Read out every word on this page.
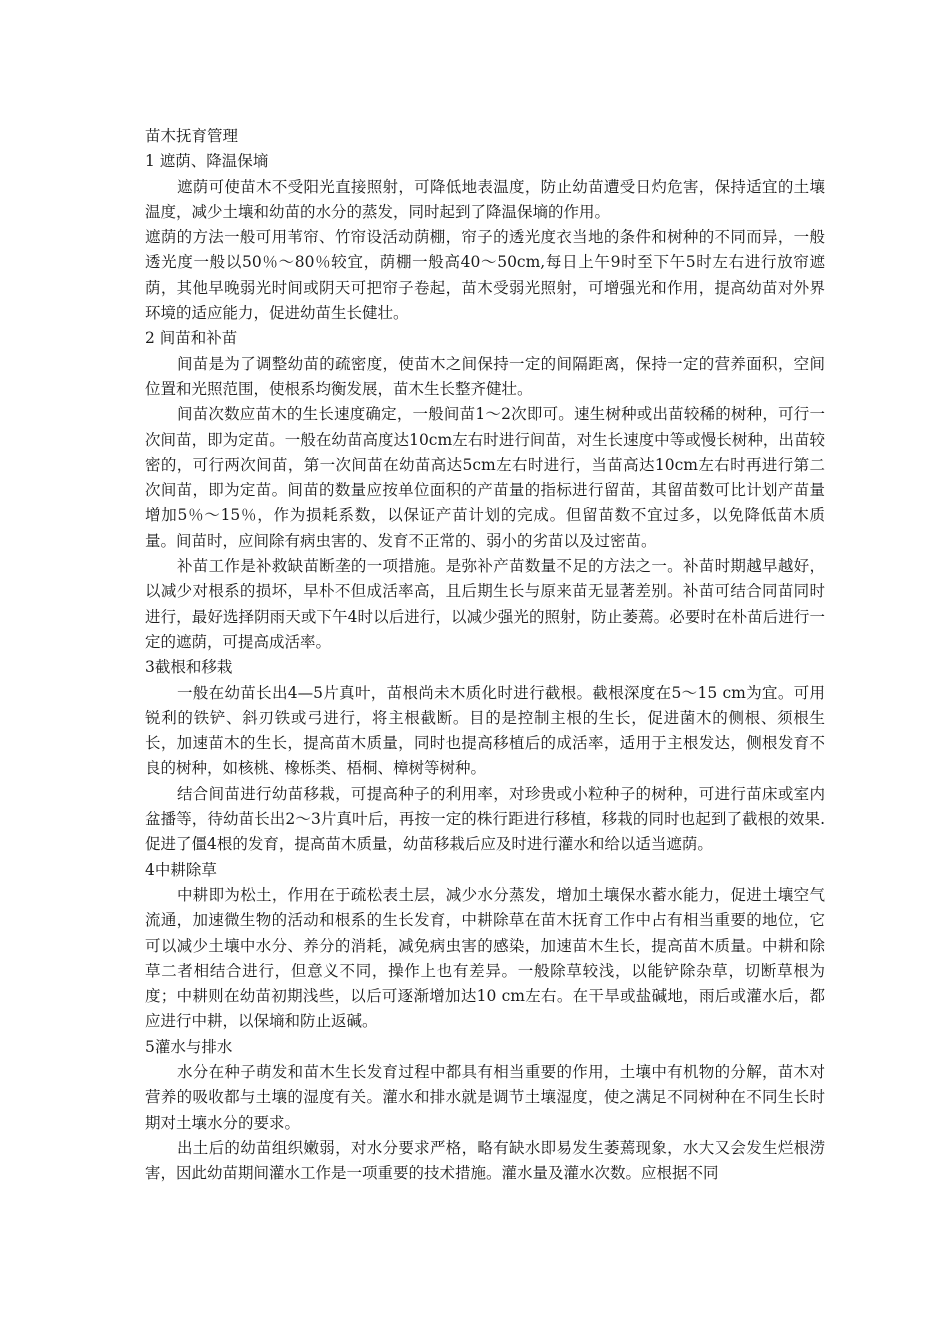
苗木抚育管理

1 遮荫、降温保墒

遮荫可使苗木不受阳光直接照射，可降低地表温度，防止幼苗遭受日灼危害，保持适宜的土壤温度，减少土壤和幼苗的水分的蒸发，同时起到了降温保墒的作用。

遮荫的方法一般可用苇帘、竹帘设活动荫棚，帘子的透光度衣当地的条件和树种的不同而异，一般透光度一般以50％～80％较宜，荫棚一般高40～50cm,每日上午9时至下午5时左右进行放帘遮荫，其他早晚弱光时间或阴天可把帘子卷起，苗木受弱光照射，可增强光和作用，提高幼苗对外界环境的适应能力，促进幼苗生长健壮。

2 间苗和补苗

间苗是为了调整幼苗的疏密度，使苗木之间保持一定的间隔距离，保持一定的营养面积，空间位置和光照范围，使根系均衡发展，苗木生长整齐健壮。

间苗次数应苗木的生长速度确定，一般间苗1～2次即可。速生树种或出苗较稀的树种，可行一次间苗，即为定苗。一般在幼苗高度达10cm左右时进行间苗，对生长速度中等或慢长树种，出苗较密的，可行两次间苗，第一次间苗在幼苗高达5cm左右时进行，当苗高达10cm左右时再进行第二次间苗，即为定苗。间苗的数量应按单位面积的产苗量的指标进行留苗，其留苗数可比计划产苗量增加5％～15％，作为损耗系数，以保证产苗计划的完成。但留苗数不宜过多，以免降低苗木质量。间苗时，应间除有病虫害的、发育不正常的、弱小的劣苗以及过密苗。

补苗工作是补救缺苗断垄的一项措施。是弥补产苗数量不足的方法之一。补苗时期越早越好，以减少对根系的损坏，早朴不但成活率高，且后期生长与原来苗无显著差别。补苗可结合同苗同时进行，最好选择阴雨天或下午4时以后进行，以减少强光的照射，防止萎蔫。必要时在朴苗后进行一定的遮荫，可提高成活率。

3截根和移栽

一般在幼苗长出4—5片真叶，苗根尚未木质化时进行截根。截根深度在5～15 cm为宜。可用锐利的铁铲、斜刃铁或弓进行，将主根截断。目的是控制主根的生长，促进菌木的侧根、须根生长，加速苗木的生长，提高苗木质量，同时也提高移植后的成活率，适用于主根发达，侧根发育不良的树种，如核桃、橡栎类、梧桐、樟树等树种。

结合间苗进行幼苗移栽，可提高种子的利用率，对珍贵或小粒种子的树种，可进行苗床或室内盆播等，待幼苗长出2～3片真叶后，再按一定的株行距进行移植，移栽的同时也起到了截根的效果. 促进了僵4根的发育，提高苗木质量，幼苗移栽后应及时进行灌水和给以适当遮荫。

4中耕除草

中耕即为松土，作用在于疏松表土层，减少水分蒸发，增加土壤保水蓄水能力，促进土壤空气流通，加速微生物的活动和根系的生长发育，中耕除草在苗木抚育工作中占有相当重要的地位，它可以减少土壤中水分、养分的消耗，减免病虫害的感染，加速苗木生长，提高苗木质量。中耕和除草二者相结合进行，但意义不同，操作上也有差异。一般除草较浅，以能铲除杂草，切断草根为度；中耕则在幼苗初期浅些，以后可逐渐增加达10 cm左右。在干旱或盐碱地，雨后或灌水后，都应进行中耕，以保墒和防止返碱。

5灌水与排水

水分在种子萌发和苗木生长发育过程中都具有相当重要的作用，土壤中有机物的分解，苗木对营养的吸收都与土壤的湿度有关。灌水和排水就是调节土壤湿度，使之满足不同树种在不同生长时期对土壤水分的要求。

出土后的幼苗组织嫩弱，对水分要求严格，略有缺水即易发生萎蔫现象，水大又会发生烂根涝害，因此幼苗期间灌水工作是一项重要的技术措施。灌水量及灌水次数。应根据不同
